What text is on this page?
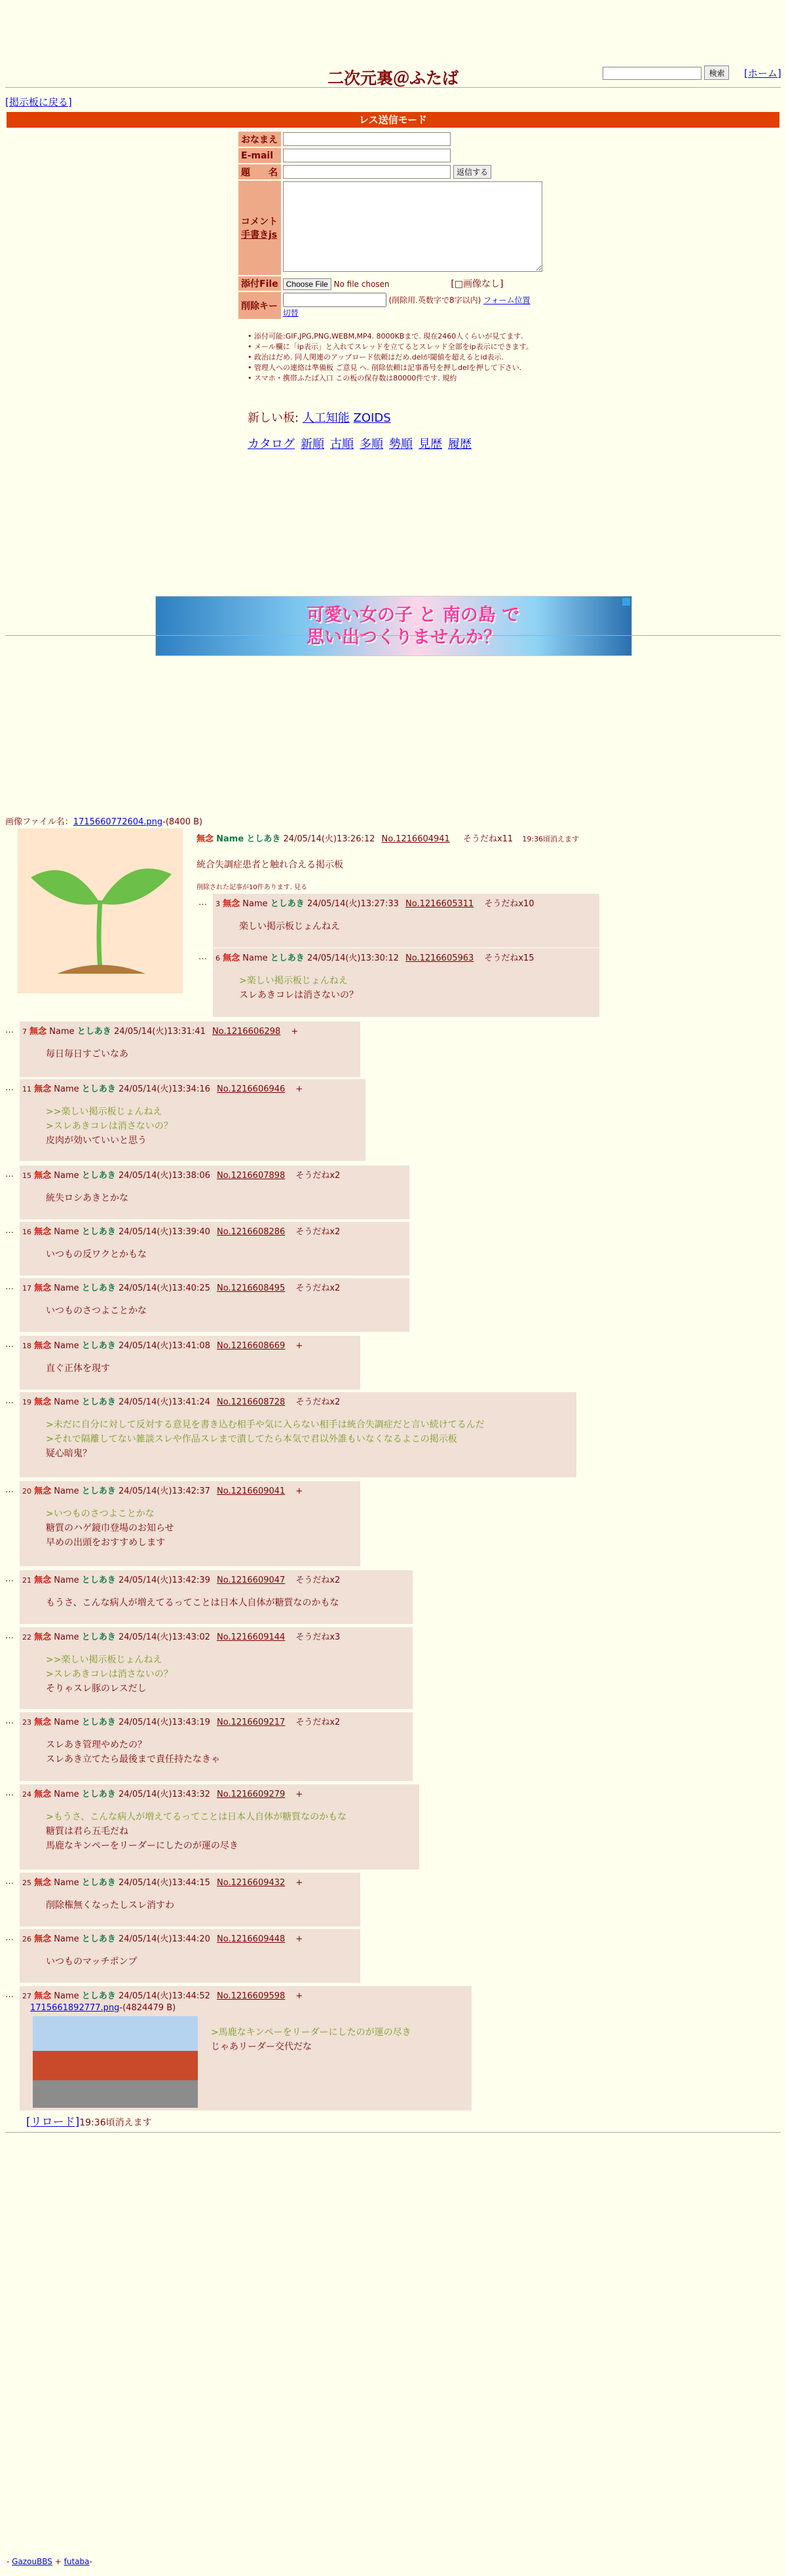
二次元裏＠ふたば	検索	[ホーム]
[掲示板に戻る]
レス送信モード
おなまえ	
E-mail	
題　　名	返信する

コメント
手書きjs	
添付File	Choose File No file chosen [□画像なし]
削除キー	(削除用.英数字で8字以内) フォーム位置
切替
• 添付可能:GIF,JPG,PNG,WEBM,MP4. 8000KBまで. 現在2460人くらいが見てます.
• メール欄に「ip表示」と入れてスレッドを立てるとスレッド全部をip表示にできます。
• 政治はだめ. 同人関連のアップロード依頼はだめ.delが閾値を超えるとid表示.
• 管理人への連絡は準備板 ご意見 へ. 削除依頼は記事番号を押しdelを押して下さい.
• スマホ・携帯ふたば入口 この板の保存数は80000件です. 規約
新しい板: 人工知能 ZOIDS
カタログ 新順 古順 多順 勢順 見歴 履歴
可愛い女の子 と 南の島 で
思い出つくりませんか？
画像ファイル名：1715660772604.png-(8400 B)
無念 Name としあき 24/05/14(火)13:26:12 No.1216604941 そうだねx11 19:36頃消えます
統合失調症患者と触れ合える掲示板
削除された記事が10件あります. 見る
…	3 無念 Name としあき 24/05/14(火)13:27:33 No.1216605311 そうだねx10
楽しい掲示板じょんねえ
…	6 無念 Name としあき 24/05/14(火)13:30:12 No.1216605963 そうだねx15
>楽しい掲示板じょんねえ
スレあきコレは消さないの？
…	7 無念 Name としあき 24/05/14(火)13:31:41 No.1216606298 +
毎日毎日すごいなあ
…	11 無念 Name としあき 24/05/14(火)13:34:16 No.1216606946 +
>>楽しい掲示板じょんねえ
>スレあきコレは消さないの？
皮肉が効いていいと思う
…	15 無念 Name としあき 24/05/14(火)13:38:06 No.1216607898 そうだねx2
統失ロシあきとかな
…	16 無念 Name としあき 24/05/14(火)13:39:40 No.1216608286 そうだねx2
いつもの反ワクとかもな
…	17 無念 Name としあき 24/05/14(火)13:40:25 No.1216608495 そうだねx2
いつものさつよことかな
…	18 無念 Name としあき 24/05/14(火)13:41:08 No.1216608669 +
直ぐ正体を現す
…	19 無念 Name としあき 24/05/14(火)13:41:24 No.1216608728 そうだねx2
>未だに自分に対して反対する意見を書き込む相手や気に入らない相手は統合失調症だと言い続けてるんだ
>それで隔離してない雑談スレや作品スレまで潰してたら本気で君以外誰もいなくなるよこの掲示板
疑心暗鬼？
…	20 無念 Name としあき 24/05/14(火)13:42:37 No.1216609041 +
>いつものさつよことかな
糖質のハゲ鏡巾登場のお知らせ
早めの出頭をおすすめします
…	21 無念 Name としあき 24/05/14(火)13:42:39 No.1216609047 そうだねx2
もうさ、こんな病人が増えてるってことは日本人自体が糖質なのかもな
…	22 無念 Name としあき 24/05/14(火)13:43:02 No.1216609144 そうだねx3
>>楽しい掲示板じょんねえ
>スレあきコレは消さないの？
そりゃスレ豚のレスだし
…	23 無念 Name としあき 24/05/14(火)13:43:19 No.1216609217 そうだねx2
スレあき管理やめたの？
スレあき立てたら最後まで責任持たなきゃ
…	24 無念 Name としあき 24/05/14(火)13:43:32 No.1216609279 +
>もうさ、こんな病人が増えてるってことは日本人自体が糖質なのかもな
糖質は君ら五毛だね
馬鹿なキンペーをリーダーにしたのが運の尽き
…	25 無念 Name としあき 24/05/14(火)13:44:15 No.1216609432 +
削除権無くなったしスレ消すわ
…	26 無念 Name としあき 24/05/14(火)13:44:20 No.1216609448 +
いつものマッチポンプ
…	27 無念 Name としあき 24/05/14(火)13:44:52 No.1216609598 +
1715661892777.png-(4824479 B)
>馬鹿なキンペーをリーダーにしたのが運の尽き
じゃあリーダー交代だな
[リロード]19:36頃消えます
- GazouBBS + futaba-
